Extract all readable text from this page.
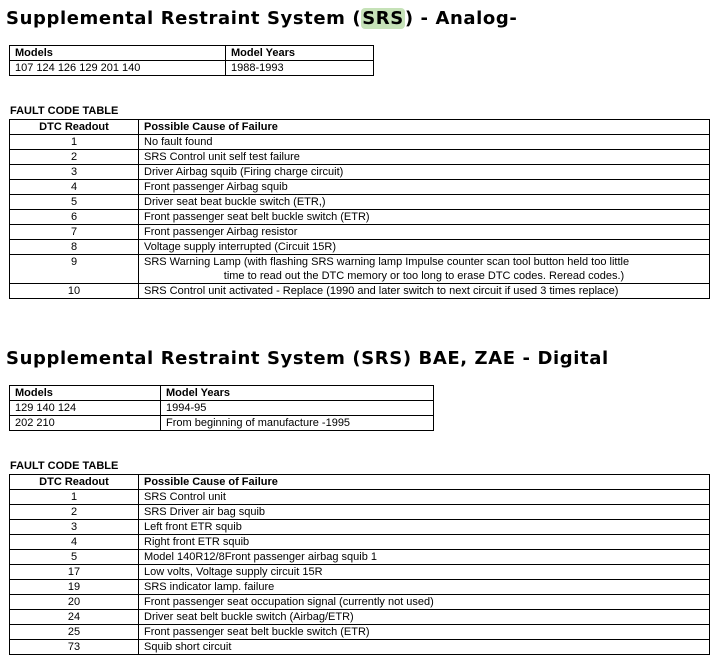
Supplemental Restraint System (SRS) - Analog-
Models	Model Years
107 124 126 129 201 140	1988-1993
FAULT CODE TABLE
DTC Readout	Possible Cause of Failure
1	No fault found
2	SRS Control unit self test failure
3	Driver Airbag squib (Firing charge circuit)
4	Front passenger Airbag squib
5	Driver seat beat buckle switch (ETR,)
6	Front passenger seat belt buckle switch (ETR)
7	Front passenger Airbag resistor
8	Voltage supply interrupted (Circuit 15R)
9	SRS Warning Lamp (with flashing SRS warning lamp Impulse counter scan tool button held too little
time to read out the DTC memory or too long to erase DTC codes. Reread codes.)

10	SRS Control unit activated - Replace (1990 and later switch to next circuit if used 3 times replace)
Supplemental Restraint System (SRS) BAE, ZAE - Digital
Models	Model Years
129 140 124	1994-95
202 210	From beginning of manufacture -1995
FAULT CODE TABLE
DTC Readout	Possible Cause of Failure
1	SRS Control unit
2	SRS Driver air bag squib
3	Left front ETR squib
4	Right front ETR squib
5	Model 140R12/8Front passenger airbag squib 1
17	Low volts, Voltage supply circuit 15R
19	SRS indicator lamp. failure
20	Front passenger seat occupation signal (currently not used)
24	Driver seat belt buckle switch (Airbag/ETR)
25	Front passenger seat belt buckle switch (ETR)
73	Squib short circuit
